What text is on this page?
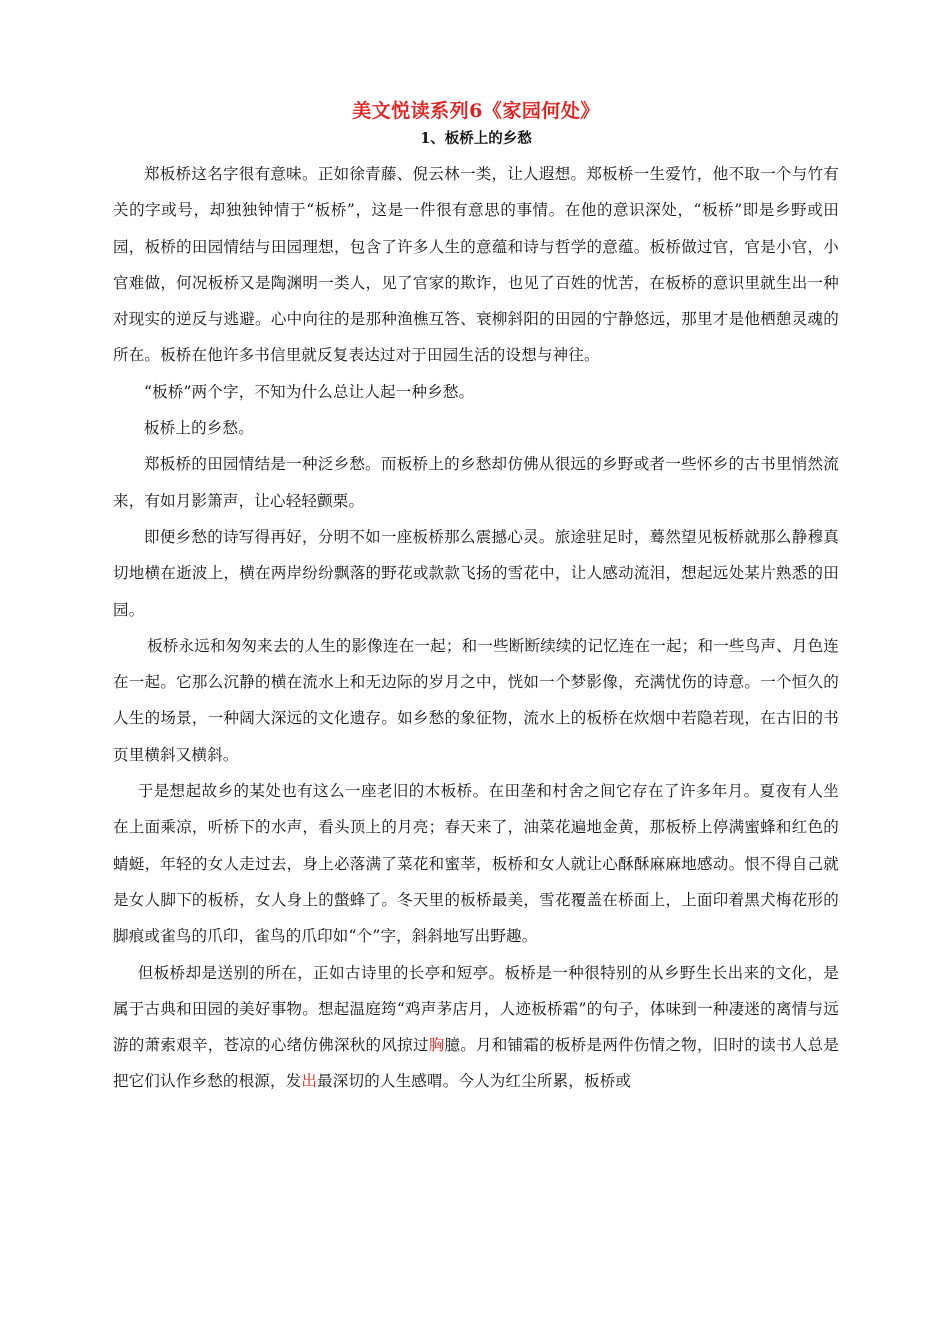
美文悦读系列6《家园何处》
1、板桥上的乡愁

郑板桥这名字很有意味。正如徐青藤、倪云林一类，让人遐想。郑板桥一生爱竹，他不取一个与竹有关的字或号，却独独钟情于“板桥”，这是一件很有意思的事情。在他的意识深处，“板桥”即是乡野或田园，板桥的田园情结与田园理想，包含了许多人生的意蕴和诗与哲学的意蕴。板桥做过官，官是小官，小官难做，何况板桥又是陶渊明一类人，见了官家的欺诈，也见了百姓的忧苦，在板桥的意识里就生出一种对现实的逆反与逃避。心中向往的是那种渔樵互答、衰柳斜阳的田园的宁静悠远，那里才是他栖憩灵魂的所在。板桥在他许多书信里就反复表达过对于田园生活的设想与神往。

“板桥”两个字，不知为什么总让人起一种乡愁。

板桥上的乡愁。

郑板桥的田园情结是一种泛乡愁。而板桥上的乡愁却仿佛从很远的乡野或者一些怀乡的古书里悄然流来，有如月影箫声，让心轻轻颤栗。

即便乡愁的诗写得再好，分明不如一座板桥那么震撼心灵。旅途驻足时，蓦然望见板桥就那么静穆真切地横在逝波上，横在两岸纷纷飘落的野花或款款飞扬的雪花中，让人感动流泪，想起远处某片熟悉的田园。

板桥永远和匆匆来去的人生的影像连在一起；和一些断断续续的记忆连在一起；和一些鸟声、月色连在一起。它那么沉静的横在流水上和无边际的岁月之中，恍如一个梦影像，充满忧伤的诗意。一个恒久的人生的场景，一种阔大深远的文化遗存。如乡愁的象征物，流水上的板桥在炊烟中若隐若现，在古旧的书页里横斜又横斜。

于是想起故乡的某处也有这么一座老旧的木板桥。在田垄和村舍之间它存在了许多年月。夏夜有人坐在上面乘凉，听桥下的水声，看头顶上的月亮；春天来了，油菜花遍地金黄，那板桥上停满蜜蜂和红色的蜻蜓，年轻的女人走过去，身上必落满了菜花和蜜莘，板桥和女人就让心酥酥麻麻地感动。恨不得自己就是女人脚下的板桥，女人身上的蟞蜂了。冬天里的板桥最美，雪花覆盖在桥面上，上面印着黑犬梅花形的脚痕或雀鸟的爪印，雀鸟的爪印如“个”字，斜斜地写出野趣。

但板桥却是送别的所在，正如古诗里的长亭和短亭。板桥是一种很特别的从乡野生长出来的文化，是属于古典和田园的美好事物。想起温庭筠“鸡声茅店月，人迹板桥霜”的句子，体味到一种凄迷的离情与远游的萧索艰辛，苍凉的心绪仿佛深秋的风掠过胸臆。月和铺霜的板桥是两件伤情之物，旧时的读书人总是把它们认作乡愁的根源，发出最深切的人生感喟。今人为红尘所累，板桥或
